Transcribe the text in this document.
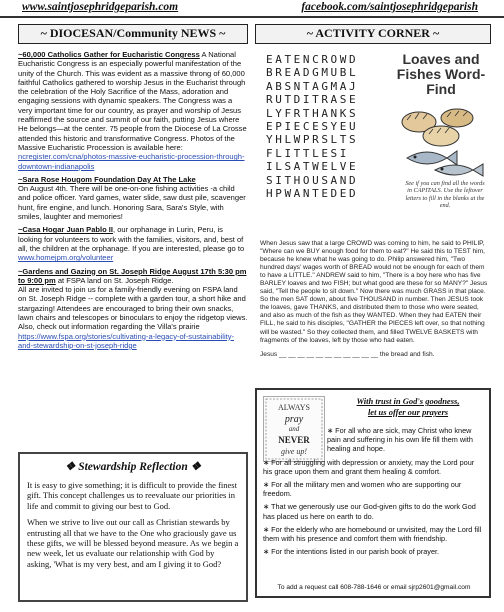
www.saintjosephridgeparish.com	facebook.com/saintjosephridgeparish
~ DIOCESAN/Community NEWS ~

~60,000 Catholics Gather for Eucharistic Congress A National Eucharistic Congress is an especially powerful manifestation of the unity of the Church. This was evident as a massive throng of 60,000 faithful Catholics gathered to worship Jesus in the Eucharist through the celebration of the Holy Sacrifice of the Mass, adoration and engaging sessions with dynamic speakers. The Congress was a very important time for our country, as prayer and worship of Jesus reaffirmed the source and summit of our faith, putting Jesus where He belongs—at the center. 75 people from the Diocese of La Crosse attended this historic and transformative Congress. Photos of the Massive Eucharistic Procession is available here: ncregister.com/cna/photos-massive-eucharistic-procession-through-downtown-indianapolis

~Sara Rose Hougom Foundation Day At The Lake
On August 4th. There will be one-on-one fishing activities -a child and police officer. Yard games, water slide, saw dust pile, scavenger hunt, fire engine, and lunch. Honoring Sara, Sara's Style, with smiles, laughter and memories!

~Casa Hogar Juan Pablo II, our orphanage in Lurin, Peru, is looking for volunteers to work with the families, visitors, and, best of all, the children at the orphanage. If you are interested, please go to www.homejpm.org/volunteer

~Gardens and Gazing on St. Joseph Ridge August 17th 5:30 pm to 9:00 pm at FSPA land on St. Joseph Ridge.
All are invited to join us for a family-friendly evening on FSPA land on St. Joseph Ridge -- complete with a garden tour, a short hike and stargazing! Attendees are encouraged to bring their own snacks, lawn chairs and telescopes or binoculars to enjoy the ridgetop views.
Also, check out information regarding the Villa's prairie
https://www.fspa.org/stories/cultivating-a-legacy-of-sustainability-and-stewardship-on-st-joseph-ridge

❖ Stewardship Reflection ❖

It is easy to give something; it is difficult to provide the finest gift. This concept challenges us to reevaluate our priorities in life and commit to giving our best to God.

When we strive to live out our call as Christian stewards by entrusting all that we have to the One who graciously gave us these gifts, we will be blessed beyond measure. As we begin a new week, let us evaluate our relationship with God by asking, 'What is my very best, and am I giving it to God?

~ ACTIVITY CORNER ~
EATENCROWD
BREADGMUBL
ABSNTAGMAJ
RUTDITRASE
LYFRTHANKS
EPIECESYEU
YHLWPRSLTS
FLITTLESI
ILSATWELVE
SITHOUSAND
HPWANTEDED
Loaves and Fishes Word-Find
See if you can find all the words in CAPITALS. Use the leftover letters to fill in the blanks at the end.
When Jesus saw that a large CROWD was coming to him, he said to PHILIP, "Where can we BUY enough food for them to eat?" He said this to TEST him, because he knew what he was going to do. Philip answered him, "Two hundred days' wages worth of BREAD would not be enough for each of them to have a LITTLE." ANDREW said to him, "There is a boy here who has five BARLEY loaves and two FISH; but what good are these for so MANY?" Jesus said, "Tell the people to sit down." Now there was much GRASS in that place. So the men SAT down, about five THOUSAND in number. Then JESUS took the loaves, gave THANKS, and distributed them to those who were seated, and also as much of the fish as they WANTED. When they had EATEN their FILL, he said to his disciples, "GATHER the PIECES left over, so that nothing will be wasted." So they collected them, and filled TWELVE BASKETS with fragments of the loaves, left by those who had eaten.
Jesus __ __ __ __ __ __ __ __ __ __ __ the bread and fish.
ALWAYS
pray
and
NEVER
give up!
With trust in God's goodness,
let us offer our prayers

∗ For all who are sick, may Christ who knew pain and suffering in his own life fill them with healing and hope.

∗ For all struggling with depression or anxiety, may the Lord pour his grace upon them and grant them healing & comfort.

∗ For all the military men and women who are supporting our freedom.

∗ That we generously use our God-given gifts to do the work God has placed us here on earth to do.

∗ For the elderly who are homebound or unvisited, may the Lord fill them with his presence and comfort them with friendship.

∗ For the intentions listed in our parish book of prayer.

To add a request call 608-788-1646 or email sjrp2601@gmail.com
